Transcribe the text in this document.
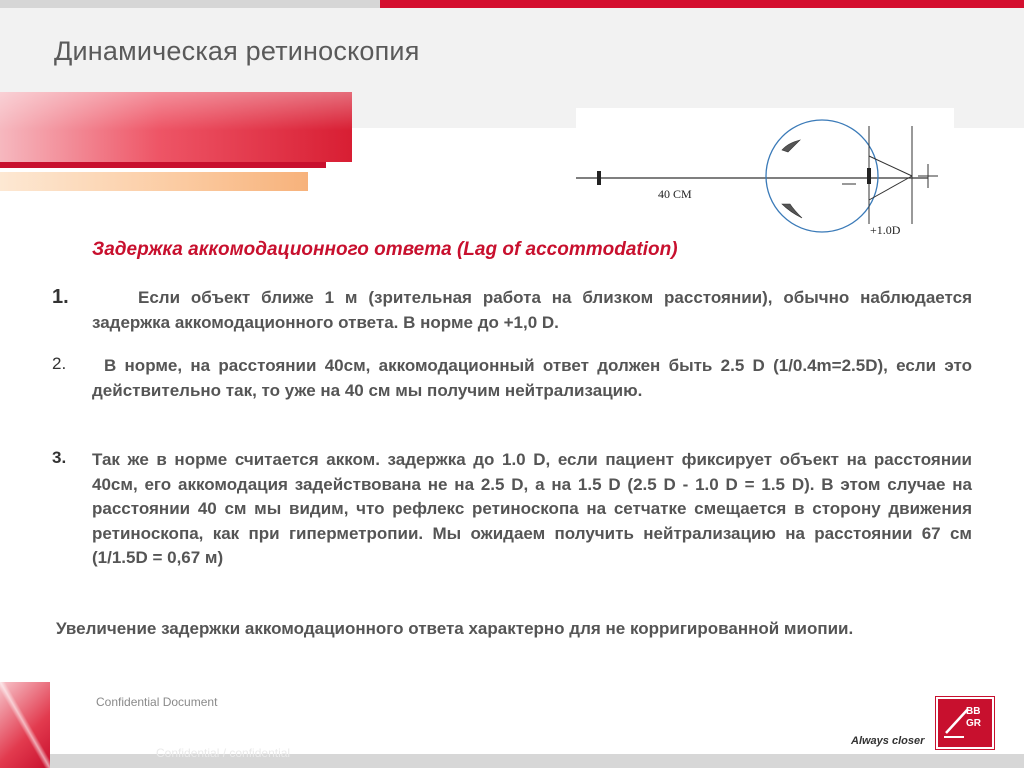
Динамическая ретиноскопия
40 СМ
+1.0D
Задержка аккомодационного ответа (Lag of accommodation)
1.	Если объект ближе 1 м (зрительная работа на близком расстоянии), обычно наблюдается задержка аккомодационного ответа. В норме до +1,0 D.
2.	В норме, на расстоянии 40см, аккомодационный ответ должен быть 2.5 D (1/0.4m=2.5D), если это действительно так, то уже на 40 см мы получим нейтрализацию.
3. Так же в норме считается акком. задержка до 1.0 D, если пациент фиксирует объект на расстоянии 40см, его аккомодация задействована не на 2.5 D, а на 1.5 D (2.5 D - 1.0 D = 1.5 D). В этом случае на расстоянии 40 см мы видим, что рефлекс ретиноскопа на сетчатке смещается в сторону движения ретиноскопа, как при гиперметропии. Мы ожидаем получить нейтрализацию на расстоянии 67 см (1/1.5D = 0,67 м)
Увеличение задержки аккомодационного ответа характерно для не корригированной миопии.
Confidential Document
Confidential / confidential
Always closer
BB
GR
